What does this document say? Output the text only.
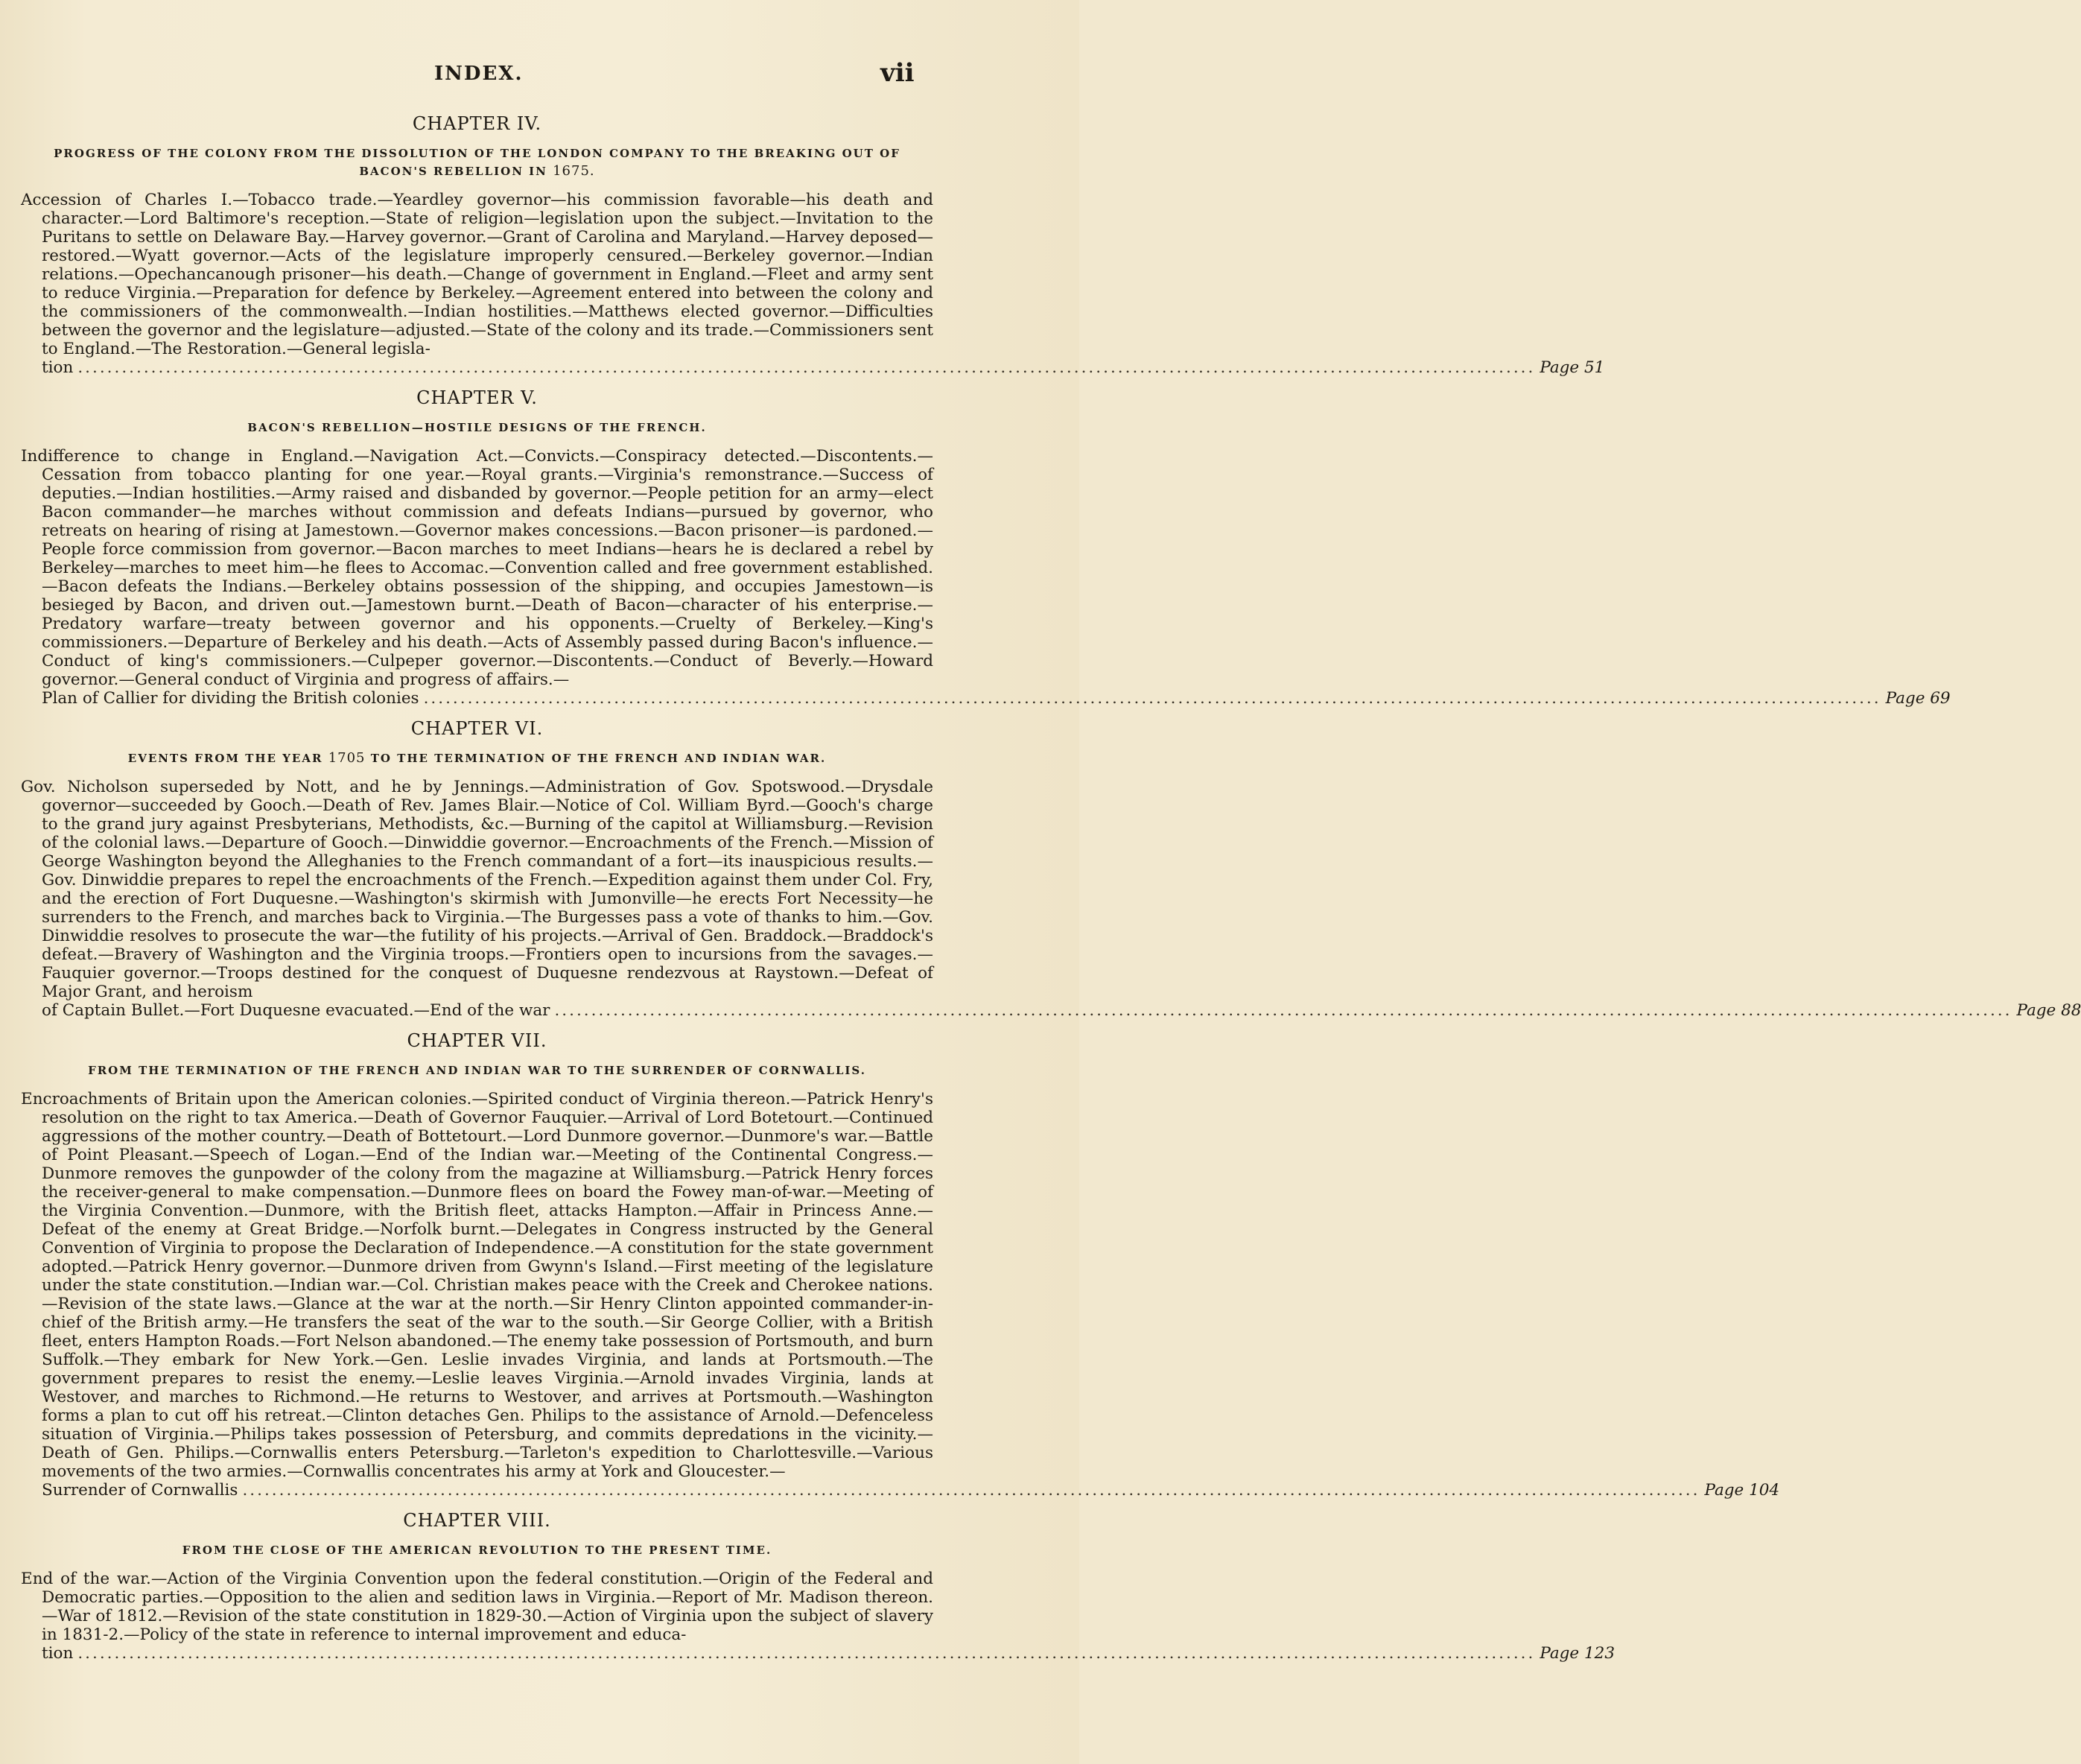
INDEX.	vii
CHAPTER IV.
PROGRESS OF THE COLONY FROM THE DISSOLUTION OF THE LONDON COMPANY TO THE BREAKING OUT OF BACON'S REBELLION IN 1675.

Accession of Charles I.—Tobacco trade.—Yeardley governor—his commission favorable—his death and character.—Lord Baltimore's reception.—State of religion—legislation upon the subject.—Invitation to the Puritans to settle on Delaware Bay.—Harvey governor.—Grant of Carolina and Maryland.—Harvey deposed—restored.—Wyatt governor.—Acts of the legislature improperly censured.—Berkeley governor.—Indian relations.—Opechancanough prisoner—his death.—Change of government in England.—Fleet and army sent to reduce Virginia.—Preparation for defence by Berkeley.—Agreement entered into between the colony and the commissioners of the commonwealth.—Indian hostilities.—Matthews elected governor.—Difficulties between the governor and the legislature—adjusted.—State of the colony and its trade.—Commissioners sent to England.—The Restoration.—General legisla-

tion ....................................................................................................................................................................................................... Page 51
CHAPTER V.
BACON'S REBELLION—HOSTILE DESIGNS OF THE FRENCH.

Indifference to change in England.—Navigation Act.—Convicts.—Conspiracy detected.—Discontents.—Cessation from tobacco planting for one year.—Royal grants.—Virginia's remonstrance.—Success of deputies.—Indian hostilities.—Army raised and disbanded by governor.—People petition for an army—elect Bacon commander—he marches without commission and defeats Indians—pursued by governor, who retreats on hearing of rising at Jamestown.—Governor makes concessions.—Bacon prisoner—is pardoned.—People force commission from governor.—Bacon marches to meet Indians—hears he is declared a rebel by Berkeley—marches to meet him—he flees to Accomac.—Convention called and free government established.—Bacon defeats the Indians.—Berkeley obtains possession of the shipping, and occupies Jamestown—is besieged by Bacon, and driven out.—Jamestown burnt.—Death of Bacon—character of his enterprise.—Predatory warfare—treaty between governor and his opponents.—Cruelty of Berkeley.—King's commissioners.—Departure of Berkeley and his death.—Acts of Assembly passed during Bacon's influence.—Conduct of king's commissioners.—Culpeper governor.—Discontents.—Conduct of Beverly.—Howard governor.—General conduct of Virginia and progress of affairs.—

Plan of Callier for dividing the British colonies ....................................................................................................................................................................................................... Page 69
CHAPTER VI.
EVENTS FROM THE YEAR 1705 TO THE TERMINATION OF THE FRENCH AND INDIAN WAR.

Gov. Nicholson superseded by Nott, and he by Jennings.—Administration of Gov. Spotswood.—Drysdale governor—succeeded by Gooch.—Death of Rev. James Blair.—Notice of Col. William Byrd.—Gooch's charge to the grand jury against Presbyterians, Methodists, &c.—Burning of the capitol at Williamsburg.—Revision of the colonial laws.—Departure of Gooch.—Dinwiddie governor.—Encroachments of the French.—Mission of George Washington beyond the Alleghanies to the French commandant of a fort—its inauspicious results.—Gov. Dinwiddie prepares to repel the encroachments of the French.—Expedition against them under Col. Fry, and the erection of Fort Duquesne.—Washington's skirmish with Jumonville—he erects Fort Necessity—he surrenders to the French, and marches back to Virginia.—The Burgesses pass a vote of thanks to him.—Gov. Dinwiddie resolves to prosecute the war—the futility of his projects.—Arrival of Gen. Braddock.—Braddock's defeat.—Bravery of Washington and the Virginia troops.—Frontiers open to incursions from the savages.—Fauquier governor.—Troops destined for the conquest of Duquesne rendezvous at Raystown.—Defeat of Major Grant, and heroism

of Captain Bullet.—Fort Duquesne evacuated.—End of the war ....................................................................................................................................................................................................... Page 88
CHAPTER VII.
FROM THE TERMINATION OF THE FRENCH AND INDIAN WAR TO THE SURRENDER OF CORNWALLIS.

Encroachments of Britain upon the American colonies.—Spirited conduct of Virginia thereon.—Patrick Henry's resolution on the right to tax America.—Death of Governor Fauquier.—Arrival of Lord Botetourt.—Continued aggressions of the mother country.—Death of Bottetourt.—Lord Dunmore governor.—Dunmore's war.—Battle of Point Pleasant.—Speech of Logan.—End of the Indian war.—Meeting of the Continental Congress.—Dunmore removes the gunpowder of the colony from the magazine at Williamsburg.—Patrick Henry forces the receiver-general to make compensation.—Dunmore flees on board the Fowey man-of-war.—Meeting of the Virginia Convention.—Dunmore, with the British fleet, attacks Hampton.—Affair in Princess Anne.—Defeat of the enemy at Great Bridge.—Norfolk burnt.—Delegates in Congress instructed by the General Convention of Virginia to propose the Declaration of Independence.—A constitution for the state government adopted.—Patrick Henry governor.—Dunmore driven from Gwynn's Island.—First meeting of the legislature under the state constitution.—Indian war.—Col. Christian makes peace with the Creek and Cherokee nations.—Revision of the state laws.—Glance at the war at the north.—Sir Henry Clinton appointed commander-in-chief of the British army.—He transfers the seat of the war to the south.—Sir George Collier, with a British fleet, enters Hampton Roads.—Fort Nelson abandoned.—The enemy take possession of Portsmouth, and burn Suffolk.—They embark for New York.—Gen. Leslie invades Virginia, and lands at Portsmouth.—The government prepares to resist the enemy.—Leslie leaves Virginia.—Arnold invades Virginia, lands at Westover, and marches to Richmond.—He returns to Westover, and arrives at Portsmouth.—Washington forms a plan to cut off his retreat.—Clinton detaches Gen. Philips to the assistance of Arnold.—Defenceless situation of Virginia.—Philips takes possession of Petersburg, and commits depredations in the vicinity.—Death of Gen. Philips.—Cornwallis enters Petersburg.—Tarleton's expedition to Charlottesville.—Various movements of the two armies.—Cornwallis concentrates his army at York and Gloucester.—

Surrender of Cornwallis ....................................................................................................................................................................................................... Page 104
CHAPTER VIII.
FROM THE CLOSE OF THE AMERICAN REVOLUTION TO THE PRESENT TIME.

End of the war.—Action of the Virginia Convention upon the federal constitution.—Origin of the Federal and Democratic parties.—Opposition to the alien and sedition laws in Virginia.—Report of Mr. Madison thereon.—War of 1812.—Revision of the state constitution in 1829-30.—Action of Virginia upon the subject of slavery in 1831-2.—Policy of the state in reference to internal improvement and educa-

tion ....................................................................................................................................................................................................... Page 123
